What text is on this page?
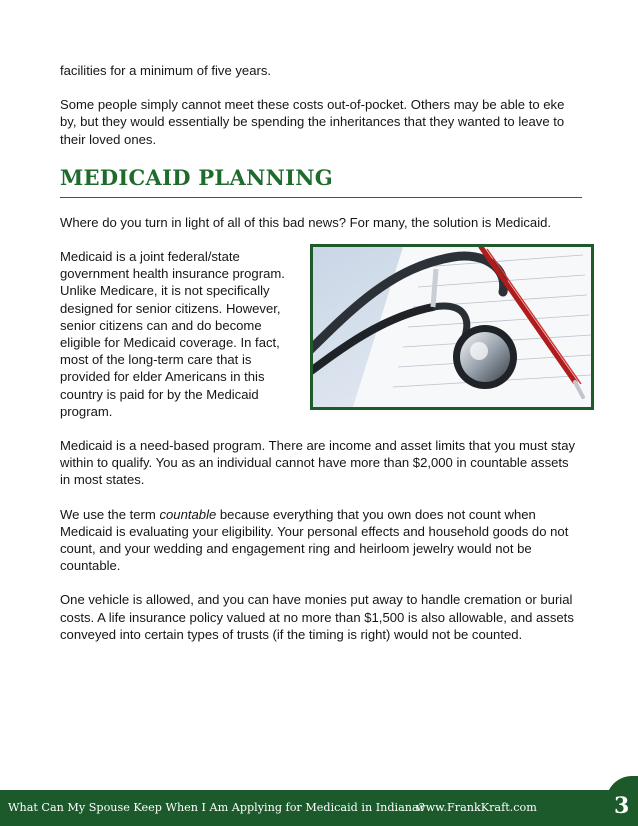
facilities for a minimum of five years.

Some people simply cannot meet these costs out-of-pocket. Others may be able to eke by, but they would essentially be spending the inheritances that they wanted to leave to their loved ones.

MEDICAID PLANNING

Where do you turn in light of all of this bad news? For many, the solution is Medicaid.

Medicaid is a joint federal/state government health insurance program. Unlike Medicare, it is not specifically designed for senior citizens. However, senior citizens can and do become eligible for Medicaid coverage. In fact, most of the long-term care that is provided for elder Americans in this country is paid for by the Medicaid program.

Medicaid is a need-based program. There are income and asset limits that you must stay within to qualify. You as an individual cannot have more than $2,000 in countable assets in most states.

We use the term countable because everything that you own does not count when Medicaid is evaluating your eligibility. Your personal effects and household goods do not count, and your wedding and engagement ring and heirloom jewelry would not be countable.

One vehicle is allowed, and you can have monies put away to handle cremation or burial costs. A life insurance policy valued at no more than $1,500 is also allowable, and assets conveyed into certain types of trusts (if the timing is right) would not be counted.

What Can My Spouse Keep When I Am Applying for Medicaid in Indiana?
www.FrankKraft.com	3
